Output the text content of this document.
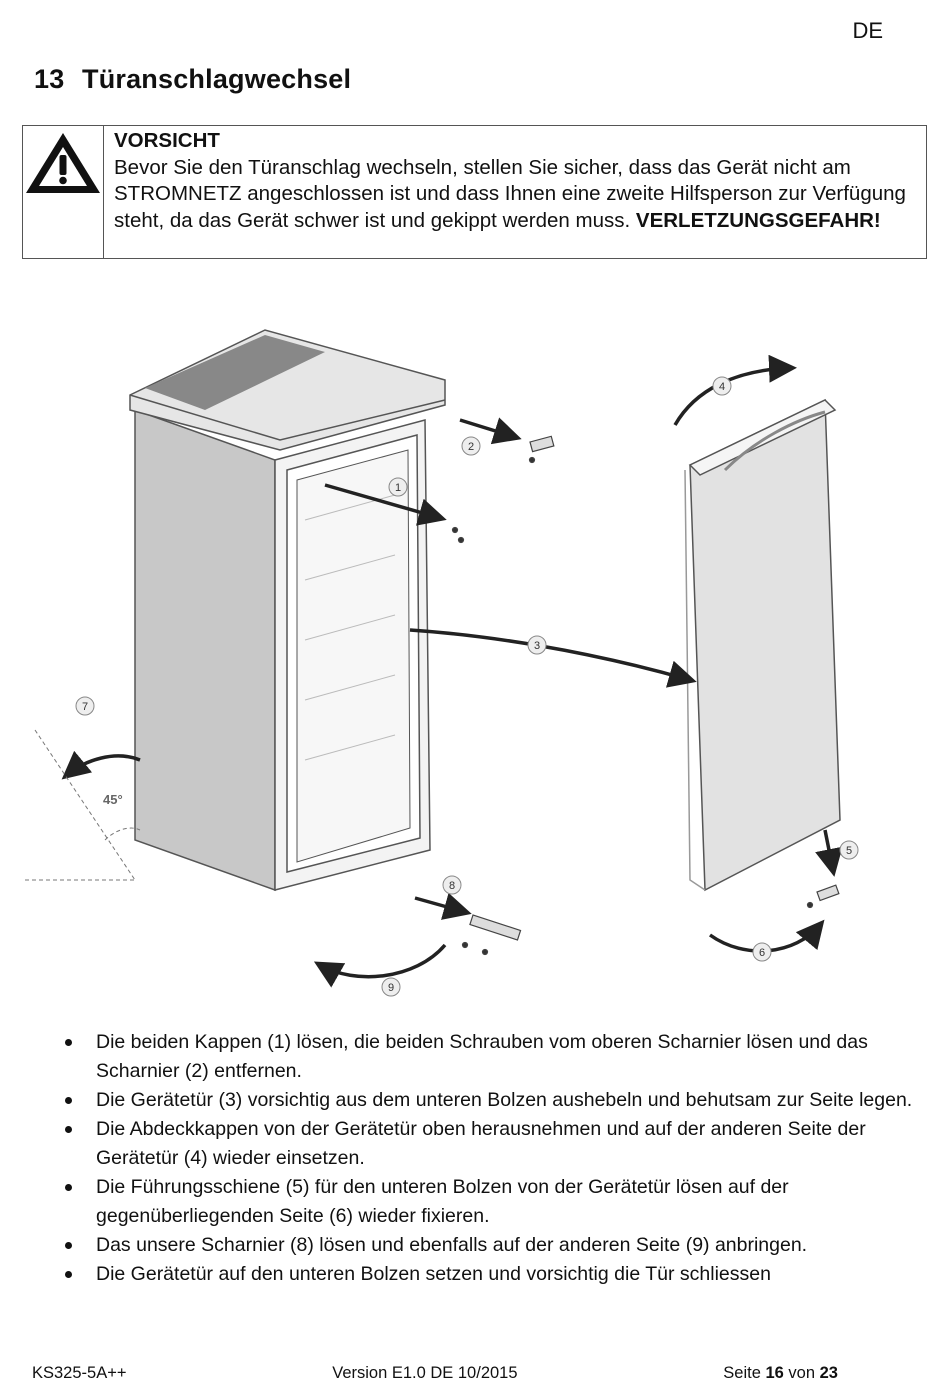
DE
13 Türanschlagwechsel
VORSICHT
Bevor Sie den Türanschlag wechseln, stellen Sie sicher, dass das Gerät nicht am STROMNETZ angeschlossen ist und dass Ihnen eine zweite Hilfsperson zur Verfügung steht, da das Gerät schwer ist und gekippt werden muss. VERLETZUNGSGEFAHR!
45°
1
2
3
4
5
6
7
8
9
Die beiden Kappen (1) lösen, die beiden Schrauben vom oberen Scharnier lösen und das Scharnier (2) entfernen.
Die Gerätetür (3) vorsichtig aus dem unteren Bolzen aushebeln und behutsam zur Seite legen.
Die Abdeckkappen von der Gerätetür oben herausnehmen und auf der anderen Seite der Gerätetür (4) wieder einsetzen.
Die Führungsschiene (5) für den unteren Bolzen von der Gerätetür lösen auf der gegenüberliegenden Seite (6) wieder fixieren.
Das unsere Scharnier (8) lösen und ebenfalls auf der anderen Seite (9) anbringen.
Die Gerätetür auf den unteren Bolzen setzen und vorsichtig die Tür schliessen
KS325-5A++	Version E1.0 DE 10/2015	Seite 16 von 23
